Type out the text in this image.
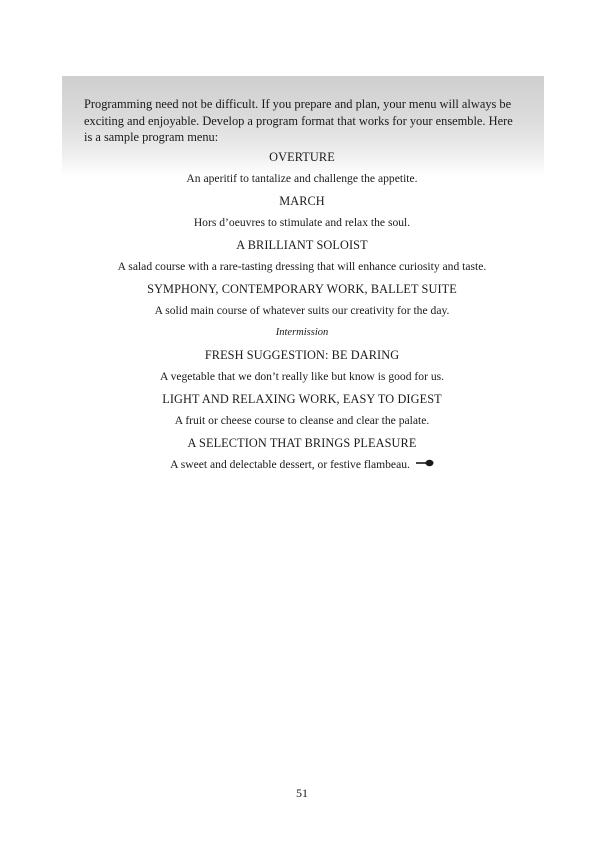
Programming need not be difficult. If you prepare and plan, your menu will always be exciting and enjoyable. Develop a program format that works for your ensemble. Here is a sample program menu:

OVERTURE
An aperitif to tantalize and challenge the appetite.
MARCH
Hors d’oeuvres to stimulate and relax the soul.
A BRILLIANT SOLOIST
A salad course with a rare-tasting dressing that will enhance curiosity and taste.
SYMPHONY, CONTEMPORARY WORK, BALLET SUITE
A solid main course of whatever suits our creativity for the day.
Intermission
FRESH SUGGESTION: BE DARING
A vegetable that we don’t really like but know is good for us.
LIGHT AND RELAXING WORK, EASY TO DIGEST
A fruit or cheese course to cleanse and clear the palate.
A SELECTION THAT BRINGS PLEASURE
A sweet and delectable dessert, or festive flambeau.
51
